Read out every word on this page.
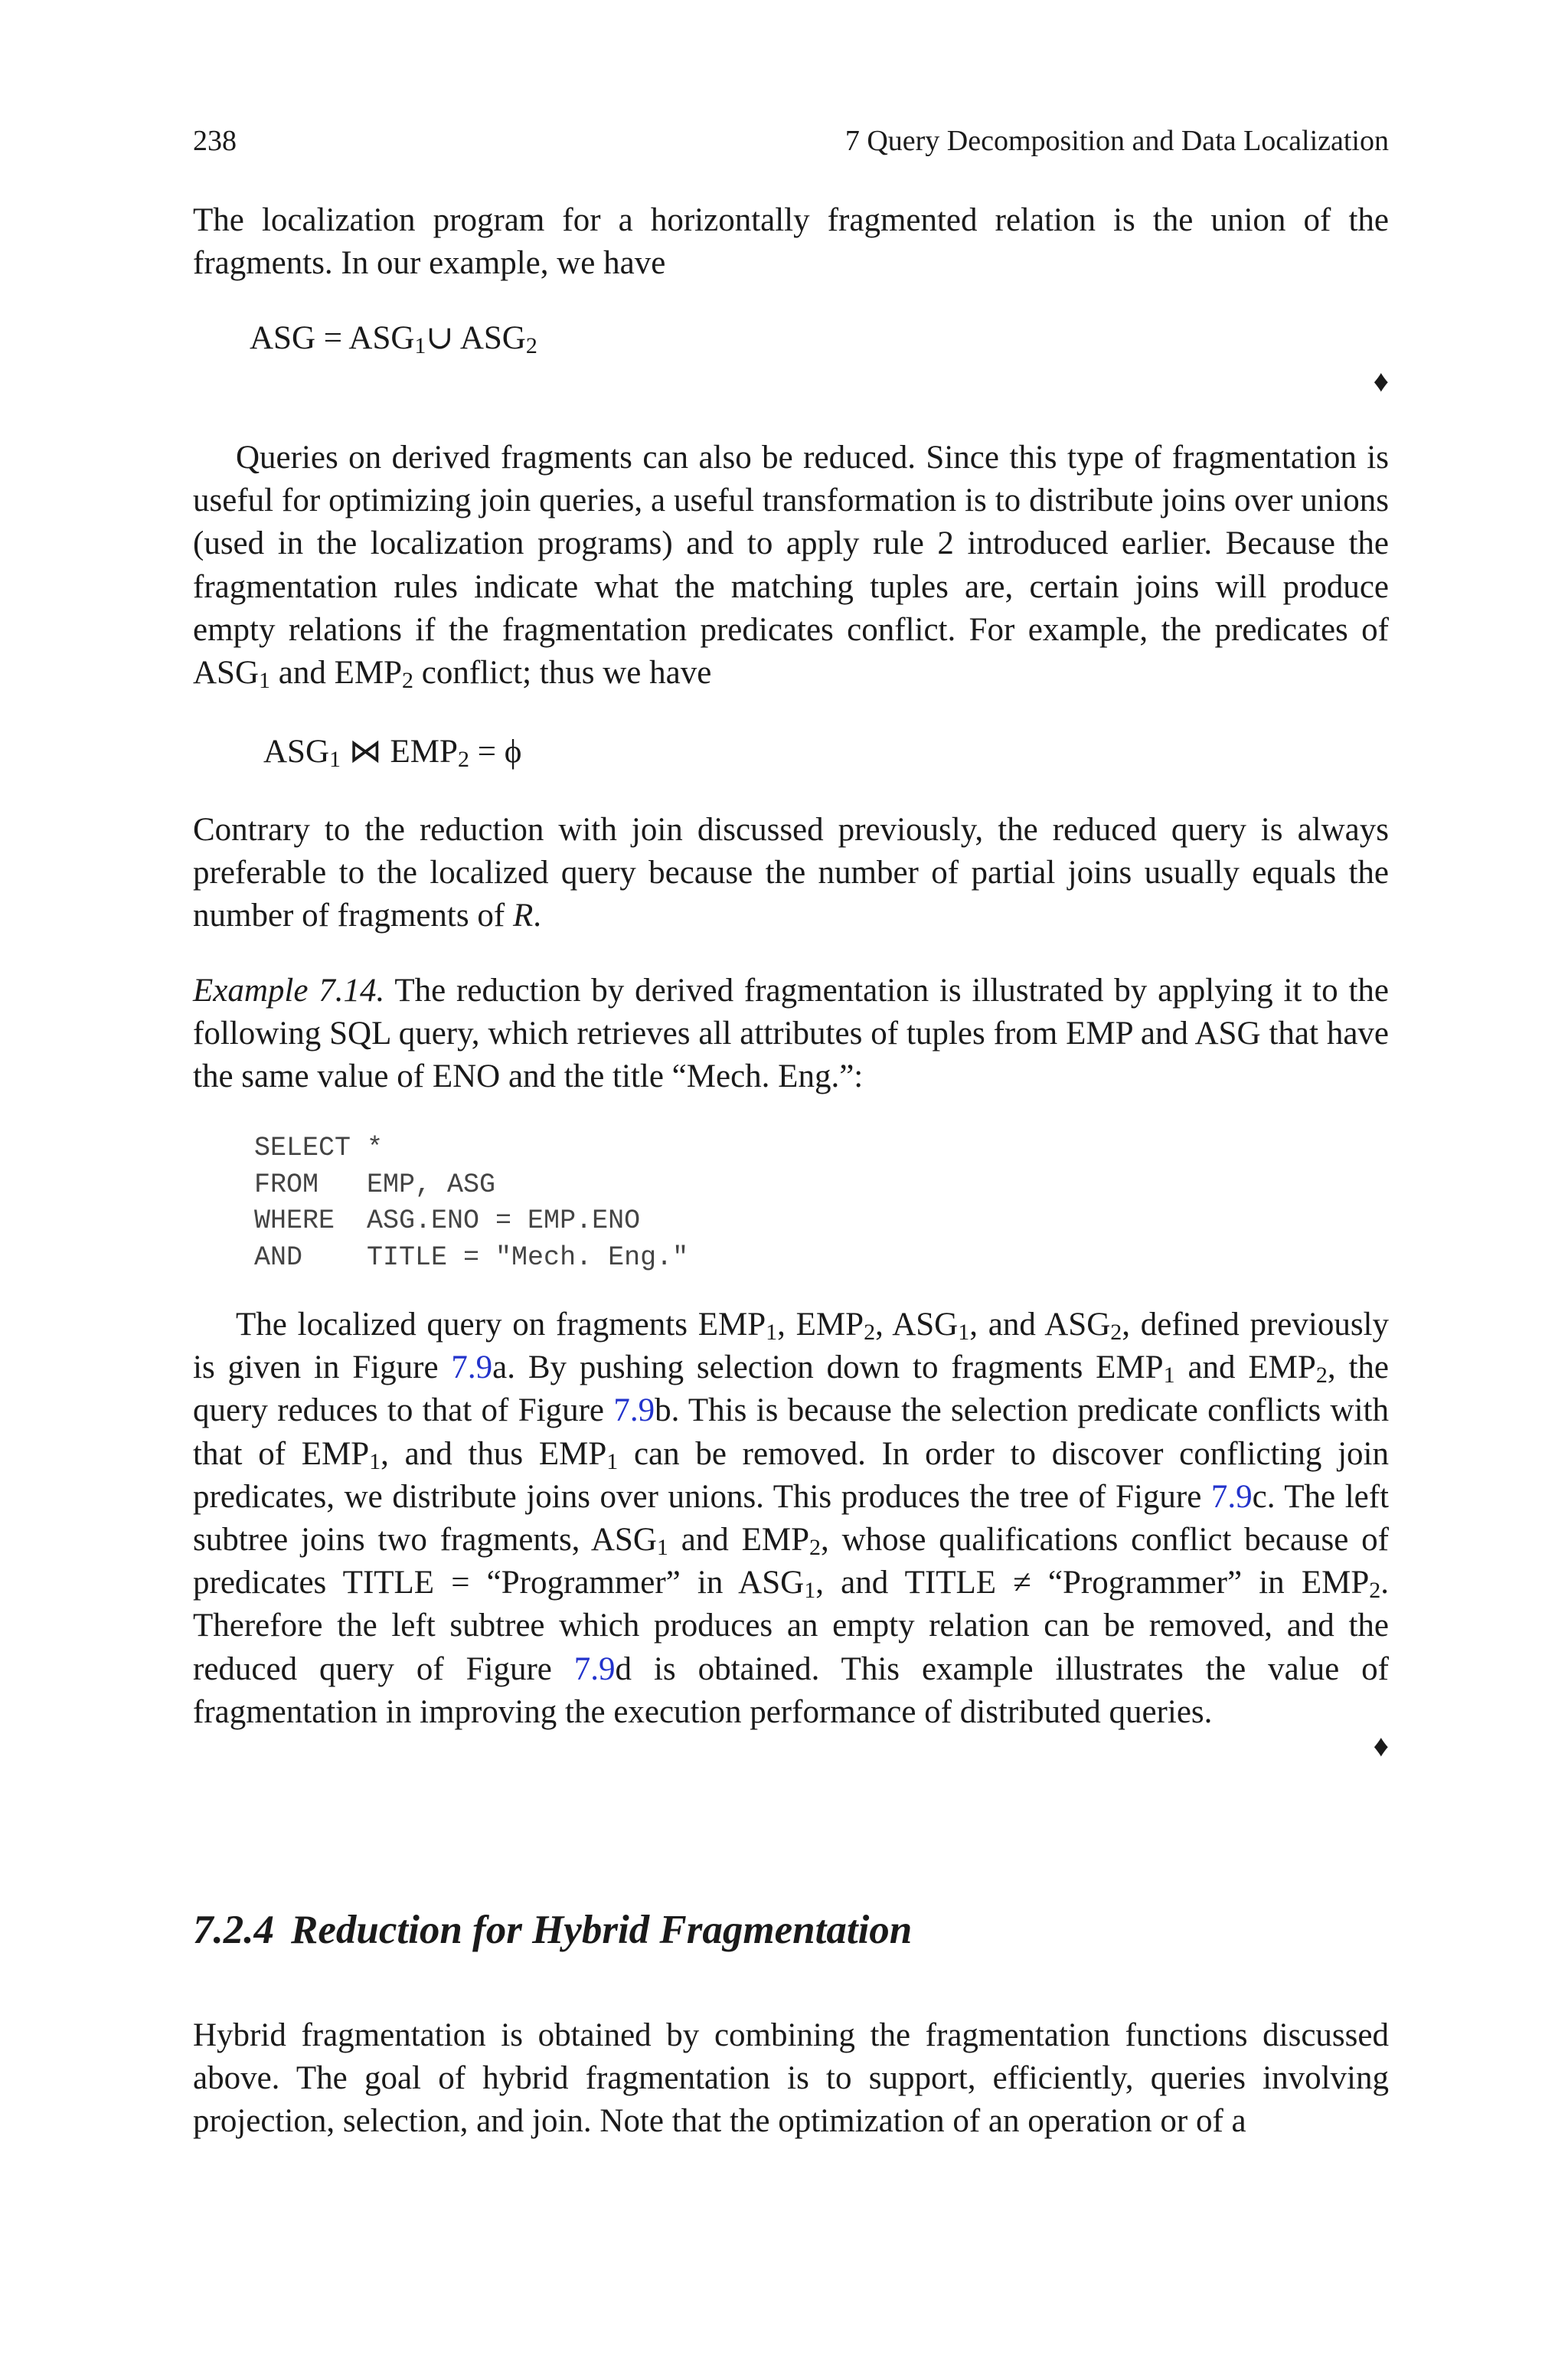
238	7 Query Decomposition and Data Localization
The localization program for a horizontally fragmented relation is the union of the fragments. In our example, we have
ASG = $ASG_1\cup$ $ASG_2$
♦
Queries on derived fragments can also be reduced. Since this type of fragmentation is useful for optimizing join queries, a useful transformation is to distribute joins over unions (used in the localization programs) and to apply rule 2 introduced earlier. Because the fragmentation rules indicate what the matching tuples are, certain joins will produce empty relations if the fragmentation predicates conflict. For example, the predicates of $ASG_1$ and $EMP_2$ conflict; thus we have
$ASG_1$ ⋈ $EMP_2 = \phi$
Contrary to the reduction with join discussed previously, the reduced query is always preferable to the localized query because the number of partial joins usually equals the number of fragments of R.
Example 7.14. The reduction by derived fragmentation is illustrated by applying it to the following SQL query, which retrieves all attributes of tuples from EMP and ASG that have the same value of ENO and the title “Mech. Eng.”:
SELECT *
FROM   EMP, ASG
WHERE  ASG.ENO = EMP.ENO
AND    TITLE = "Mech. Eng."
The localized query on fragments $EMP_1$, $EMP_2$, $ASG_1$, and $ASG_2$, defined previously is given in Figure 7.9a. By pushing selection down to fragments $EMP_1$ and $EMP_2$, the query reduces to that of Figure 7.9b. This is because the selection predicate conflicts with that of $EMP_1$, and thus $EMP_1$ can be removed. In order to discover conflicting join predicates, we distribute joins over unions. This produces the tree of Figure 7.9c. The left subtree joins two fragments, $ASG_1$ and $EMP_2$, whose qualifications conflict because of predicates TITLE = “Programmer” in $ASG_1$, and TITLE ≠ “Programmer” in $EMP_2$. Therefore the left subtree which produces an empty relation can be removed, and the reduced query of Figure 7.9d is obtained. This example illustrates the value of fragmentation in improving the execution performance of distributed queries.
♦
7.2.4 Reduction for Hybrid Fragmentation
Hybrid fragmentation is obtained by combining the fragmentation functions discussed above. The goal of hybrid fragmentation is to support, efficiently, queries involving projection, selection, and join. Note that the optimization of an operation or of a
